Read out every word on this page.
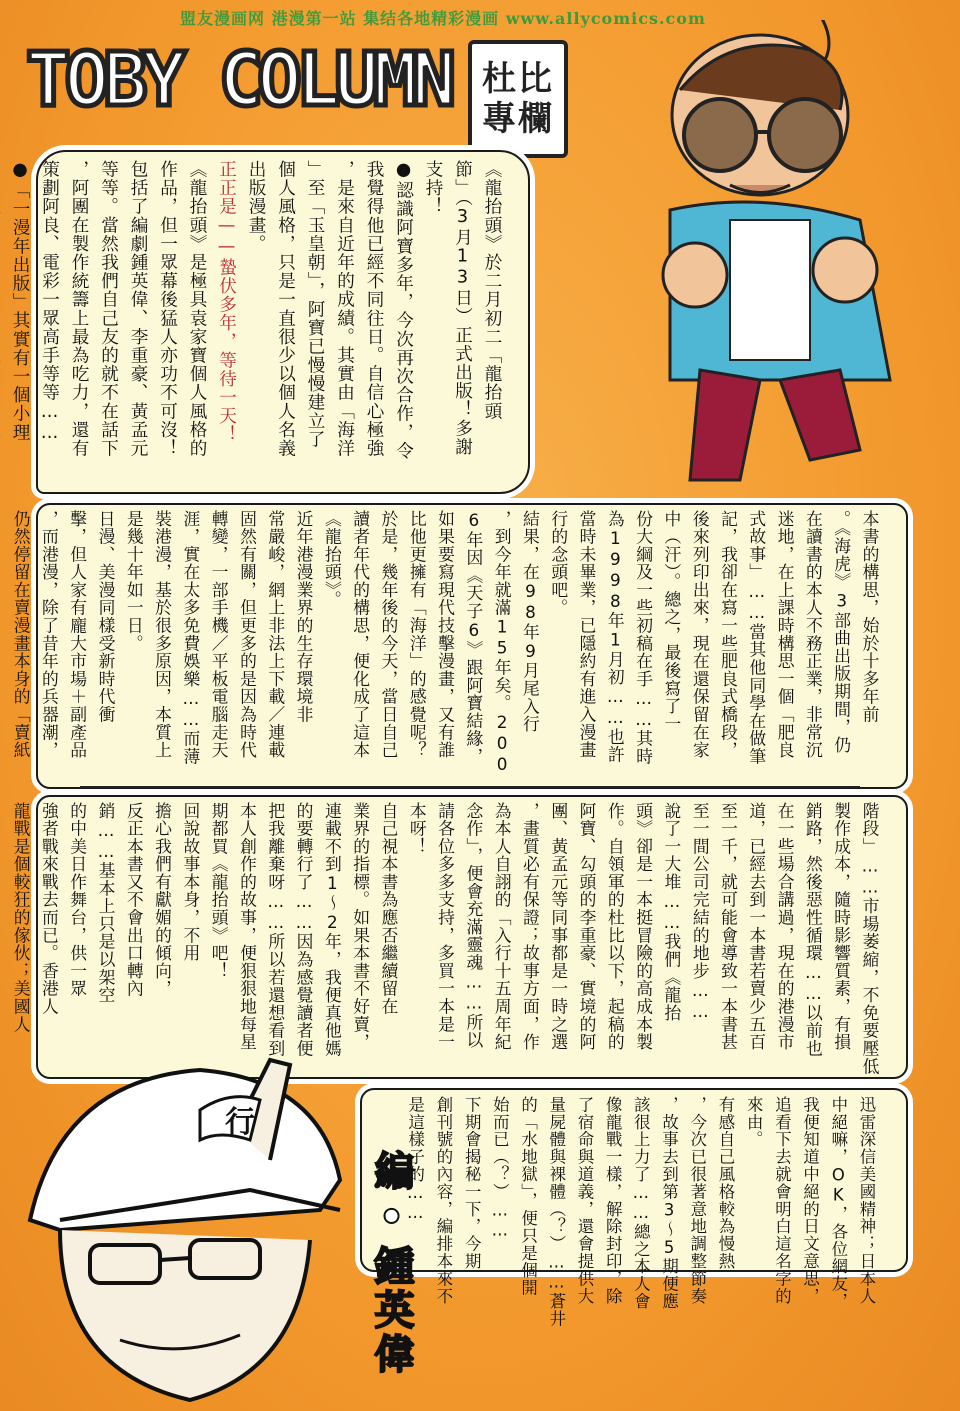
盟友漫画网 港漫第一站 集结各地精彩漫画 www.allycomics.com
TOBY COLUMN 杜比
專欄

《龍抬頭》於二月初二「龍抬頭

節」（3月13日）正式出版！多謝

支持！

●認識阿寶多年，今次再次合作，令

我覺得他已經不同往日。自信心極強

，是來自近年的成績。其實由「海洋

」至「玉皇朝」，阿寶已慢慢建立了

個人風格，只是一直很少以個人名義

出版漫畫。

正正是——蟄伏多年，等待一天！

《龍抬頭》是極具袁家寶個人風格的

作品，但一眾幕後猛人亦功不可沒！

包括了編劇鍾英偉、李重豪、黃孟元

等等。當然我們自己友的就不在話下

，阿團在製作統籌上最為吃力，還有

策劃阿良、電彩一眾高手等等……

●「一漫年出版」其實有一個小理

本書的構思，始於十多年前

。《海虎》3部曲出版期間，仍

在讀書的本人不務正業，非常沉

迷地，在上課時構思一個「肥良

式故事」……當其他同學在做筆

記，我卻在寫一些肥良式橋段，

後來列印出來，現在還保留在家

中（汗）。總之，最後寫了一

份大綱及一些初稿在手……其時

為1998年1月初……也許

當時未畢業，已隱約有進入漫畫

行的念頭吧。

結果，在98年9月尾入行

，到今年就滿15年矣。200

6年因《天子6》跟阿寶結緣，

如果要寫現代技擊漫畫，又有誰

比他更擁有「海洋」的感覺呢？

於是，幾年後的今天，當日自己

讀者年代的構思，便化成了這本

《龍抬頭》。

近年港漫業界的生存環境非

常嚴峻，網上非法上下載／連載

固然有關，但更多的是因為時代

轉變，一部手機／平板電腦走天

涯，實在太多免費娛樂……而薄

裝港漫，基於很多原因，本質上

是幾十年如一日。

日漫、美漫同樣受新時代衝

擊，但人家有龐大市場＋副產品

，而港漫，除了昔年的兵器潮，

仍然停留在賣漫畫本身的「賣紙

階段」……市場萎縮，不免要壓低

製作成本，隨時影響質素，有損

銷路，然後惡性循環……以前也

在一些場合講過，現在的港漫市

道，已經去到一本書若賣少五百

至一千，就可能會導致一本書甚

至一間公司完結的地步……

說了一大堆……我們《龍抬

頭》卻是一本挺冒險的高成本製

作。自領軍的杜比以下，起稿的

阿寶、勾頭的李重豪、實境的阿

團、黃孟元等同事都是一時之選

，畫質必有保證；故事方面，作

為本人自詡的「入行十五周年紀

念作」，便會充滿靈魂……所以

請各位多多支持，多買一本是一

本呀！

自己視本書為應否繼續留在

業界的指標。如果本書不好賣，

連載不到1～2年，我便真他媽

的要轉行了……因為感覺讀者便

把我離棄呀……所以若還想看到

本人創作的故事，便狠狠地每星

期都買《龍抬頭》吧！

回說故事本身，不用

擔心我們有獻媚的傾向，

反正本書又不會出口轉內

銷……基本上只是以架空

的中美日作舞台，供一眾

強者戰來戰去而已。香港人

龍戰是個較狂的傢伙；美國人

迅雷深信美國精神；日本人

中絕嘛，OK，各位網友，

我便知道中絕的日文意思，

追看下去就會明白這名字的

來由。

有感自己風格較為慢熱

，今次已很著意地調整節奏

，故事去到第3～5期便應

該很上力了……總之本人會

像龍戰一樣，解除封印，除

了宿命與道義，還會提供大

量屍體與裸體（？）……蒼井

的「水地獄」，便只是個開

始而已（？）……

下期會揭秘一下，今期

創刊號的內容，編排本來不

是這樣子的……

行
編•鍾英偉
